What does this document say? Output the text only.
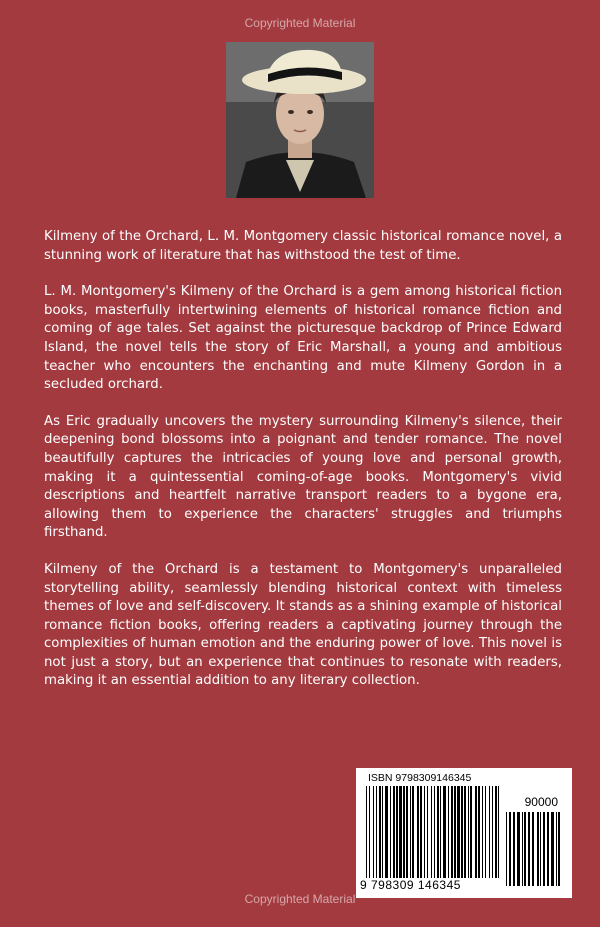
Copyrighted Material

Kilmeny of the Orchard, L. M. Montgomery classic historical romance novel, a stunning work of literature that has withstood the test of time.

L. M. Montgomery's Kilmeny of the Orchard is a gem among historical fiction books, masterfully intertwining elements of historical romance fiction and coming of age tales. Set against the picturesque backdrop of Prince Edward Island, the novel tells the story of Eric Marshall, a young and ambitious teacher who encounters the enchanting and mute Kilmeny Gordon in a secluded orchard.

As Eric gradually uncovers the mystery surrounding Kilmeny's silence, their deepening bond blossoms into a poignant and tender romance. The novel beautifully captures the intricacies of young love and personal growth, making it a quintessential coming-of-age books. Montgomery's vivid descriptions and heartfelt narrative transport readers to a bygone era, allowing them to experience the characters' struggles and triumphs firsthand.

Kilmeny of the Orchard is a testament to Montgomery's unparalleled storytelling ability, seamlessly blending historical context with timeless themes of love and self-discovery. It stands as a shining example of historical romance fiction books, offering readers a captivating journey through the complexities of human emotion and the enduring power of love. This novel is not just a story, but an experience that continues to resonate with readers, making it an essential addition to any literary collection.

ISBN 9798309146345
90000
9 798309 146345
Copyrighted Material
